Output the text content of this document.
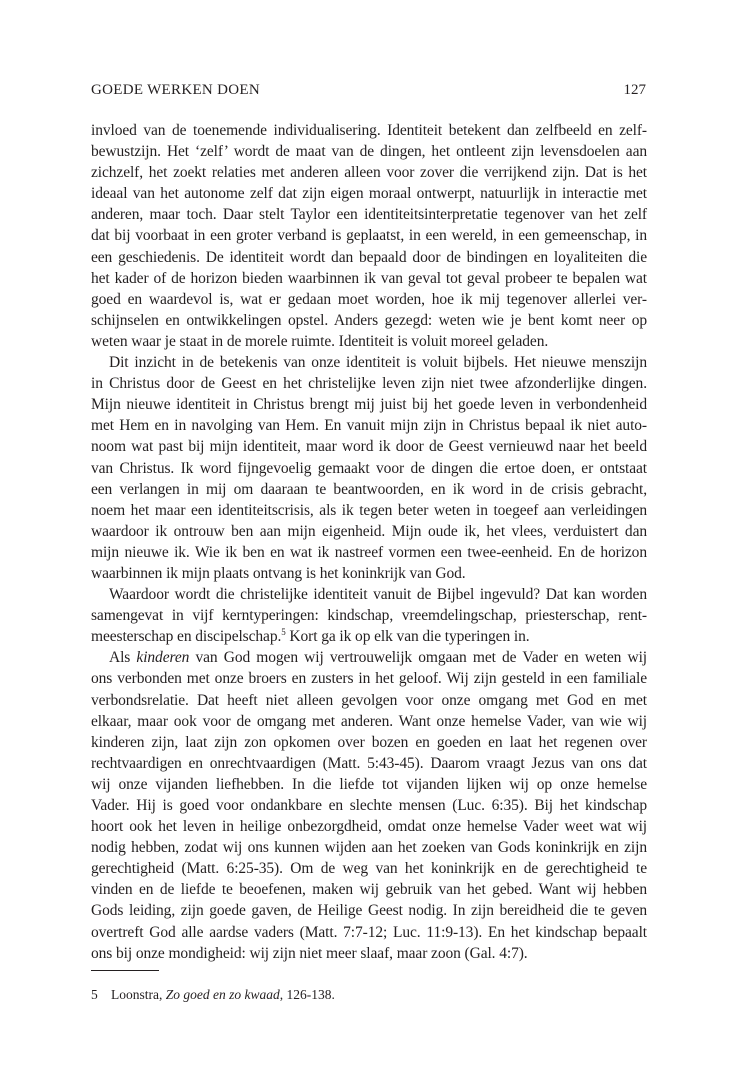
GOEDE WERKEN DOEN	127

invloed van de toenemende individualisering. Identiteit betekent dan zelfbeeld en zelf-
bewustzijn. Het ‘zelf’ wordt de maat van de dingen, het ontleent zijn levensdoelen aan
zichzelf, het zoekt relaties met anderen alleen voor zover die verrijkend zijn. Dat is het
ideaal van het autonome zelf dat zijn eigen moraal ontwerpt, natuurlijk in interactie met
anderen, maar toch. Daar stelt Taylor een identiteitsinterpretatie tegenover van het zelf
dat bij voorbaat in een groter verband is geplaatst, in een wereld, in een gemeenschap, in
een geschiedenis. De identiteit wordt dan bepaald door de bindingen en loyaliteiten die
het kader of de horizon bieden waarbinnen ik van geval tot geval probeer te bepalen wat
goed en waardevol is, wat er gedaan moet worden, hoe ik mij tegenover allerlei ver-
schijnselen en ontwikkelingen opstel. Anders gezegd: weten wie je bent komt neer op
weten waar je staat in de morele ruimte. Identiteit is voluit moreel geladen.

Dit inzicht in de betekenis van onze identiteit is voluit bijbels. Het nieuwe menszijn
in Christus door de Geest en het christelijke leven zijn niet twee afzonderlijke dingen.
Mijn nieuwe identiteit in Christus brengt mij juist bij het goede leven in verbondenheid
met Hem en in navolging van Hem. En vanuit mijn zijn in Christus bepaal ik niet auto-
noom wat past bij mijn identiteit, maar word ik door de Geest vernieuwd naar het beeld
van Christus. Ik word fijngevoelig gemaakt voor de dingen die ertoe doen, er ontstaat
een verlangen in mij om daaraan te beantwoorden, en ik word in de crisis gebracht,
noem het maar een identiteitscrisis, als ik tegen beter weten in toegeef aan verleidingen
waardoor ik ontrouw ben aan mijn eigenheid. Mijn oude ik, het vlees, verduistert dan
mijn nieuwe ik. Wie ik ben en wat ik nastreef vormen een twee-eenheid. En de horizon
waarbinnen ik mijn plaats ontvang is het koninkrijk van God.

Waardoor wordt die christelijke identiteit vanuit de Bijbel ingevuld? Dat kan worden
samengevat in vijf kerntyperingen: kindschap, vreemdelingschap, priesterschap, rent-
meesterschap en discipelschap.$^5$ Kort ga ik op elk van die typeringen in.

Als kinderen van God mogen wij vertrouwelijk omgaan met de Vader en weten wij
ons verbonden met onze broers en zusters in het geloof. Wij zijn gesteld in een familiale
verbondsrelatie. Dat heeft niet alleen gevolgen voor onze omgang met God en met
elkaar, maar ook voor de omgang met anderen. Want onze hemelse Vader, van wie wij
kinderen zijn, laat zijn zon opkomen over bozen en goeden en laat het regenen over
rechtvaardigen en onrechtvaardigen (Matt. 5:43-45). Daarom vraagt Jezus van ons dat
wij onze vijanden liefhebben. In die liefde tot vijanden lijken wij op onze hemelse
Vader. Hij is goed voor ondankbare en slechte mensen (Luc. 6:35). Bij het kindschap
hoort ook het leven in heilige onbezorgdheid, omdat onze hemelse Vader weet wat wij
nodig hebben, zodat wij ons kunnen wijden aan het zoeken van Gods koninkrijk en zijn
gerechtigheid (Matt. 6:25-35). Om de weg van het koninkrijk en de gerechtigheid te
vinden en de liefde te beoefenen, maken wij gebruik van het gebed. Want wij hebben
Gods leiding, zijn goede gaven, de Heilige Geest nodig. In zijn bereidheid die te geven
overtreft God alle aardse vaders (Matt. 7:7-12; Luc. 11:9-13). En het kindschap bepaalt
ons bij onze mondigheid: wij zijn niet meer slaaf, maar zoon (Gal. 4:7).

5 Loonstra, Zo goed en zo kwaad, 126-138.
